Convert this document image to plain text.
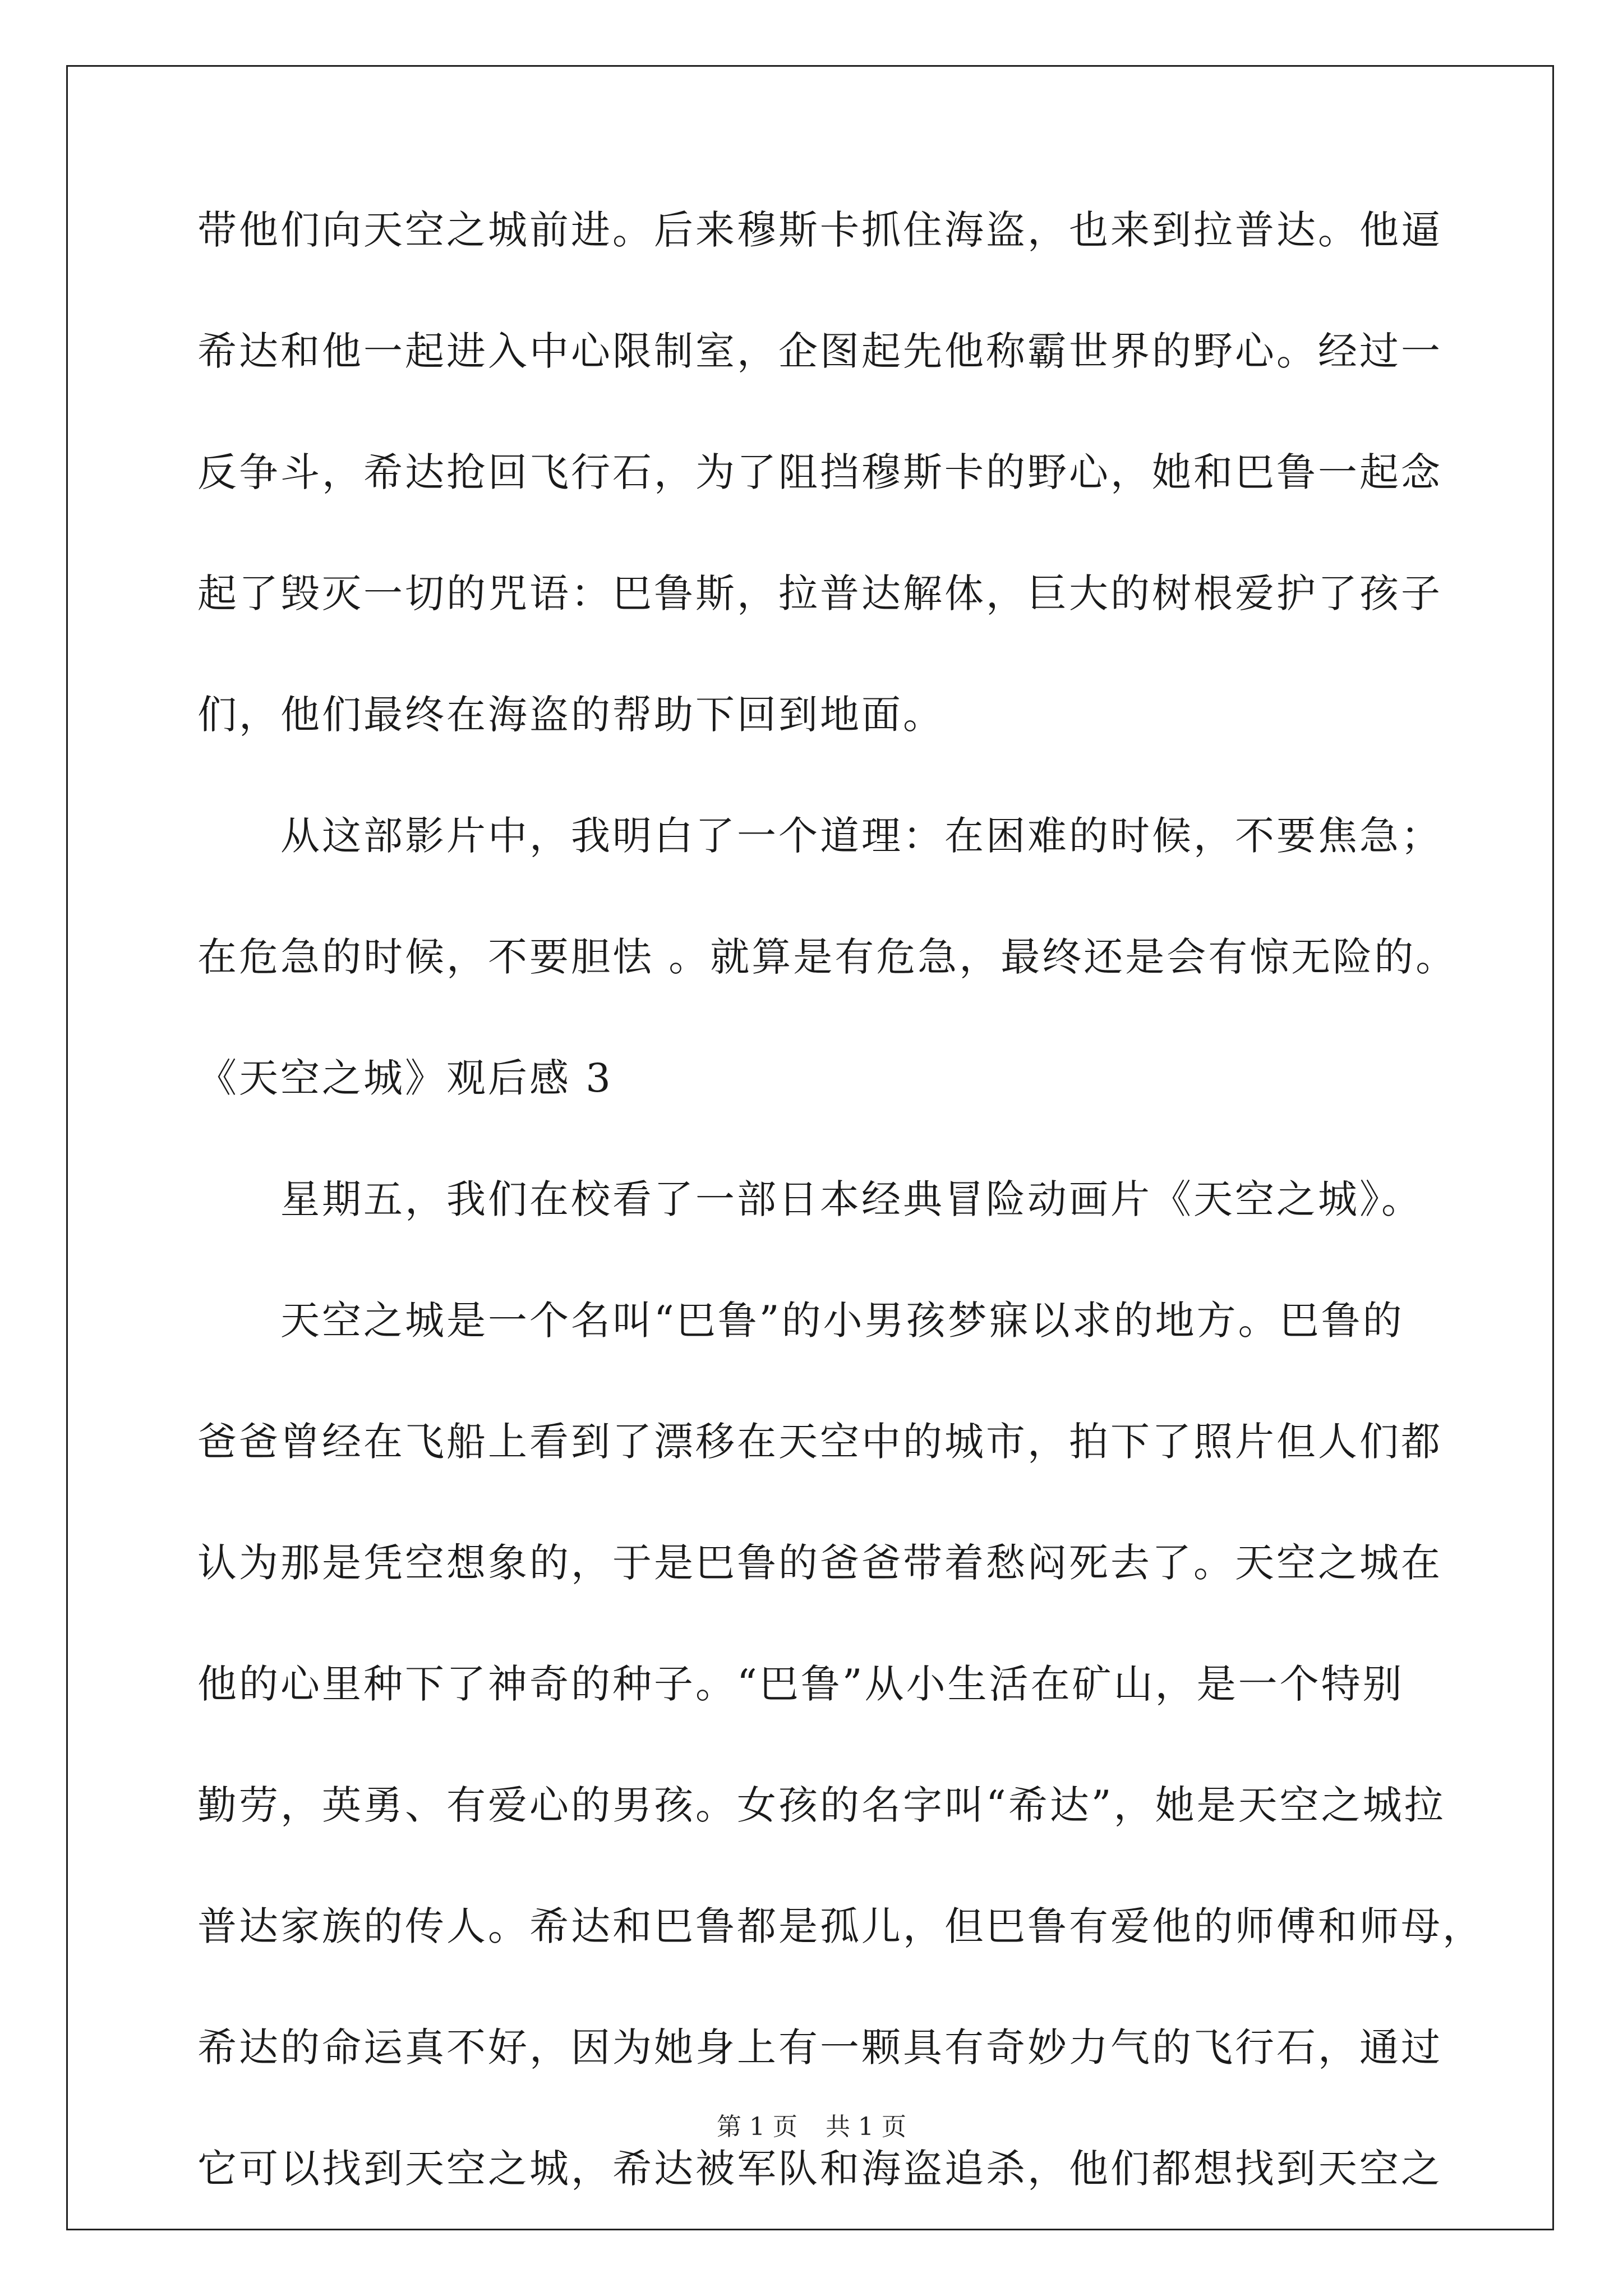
带他们向天空之城前进。后来穆斯卡抓住海盗，也来到拉普达。他逼
希达和他一起进入中心限制室，企图起先他称霸世界的野心。经过一
反争斗，希达抢回飞行石，为了阻挡穆斯卡的野心，她和巴鲁一起念
起了毁灭一切的咒语：巴鲁斯，拉普达解体，巨大的树根爱护了孩子
们，他们最终在海盗的帮助下回到地面。
从这部影片中，我明白了一个道理：在困难的时候，不要焦急；
在危急的时候，不要胆怯 。就算是有危急，最终还是会有惊无险的。
《天空之城》观后感 3
星期五，我们在校看了一部日本经典冒险动画片《天空之城》。
天空之城是一个名叫“巴鲁”的小男孩梦寐以求的地方。巴鲁的
爸爸曾经在飞船上看到了漂移在天空中的城市，拍下了照片但人们都
认为那是凭空想象的，于是巴鲁的爸爸带着愁闷死去了。天空之城在
他的心里种下了神奇的种子。“巴鲁”从小生活在矿山，是一个特别
勤劳，英勇、有爱心的男孩。女孩的名字叫“希达”，她是天空之城拉
普达家族的传人。希达和巴鲁都是孤儿，但巴鲁有爱他的师傅和师母，
希达的命运真不好，因为她身上有一颗具有奇妙力气的飞行石，通过
它可以找到天空之城，希达被军队和海盗追杀，他们都想找到天空之
第 1 页 共 1 页
